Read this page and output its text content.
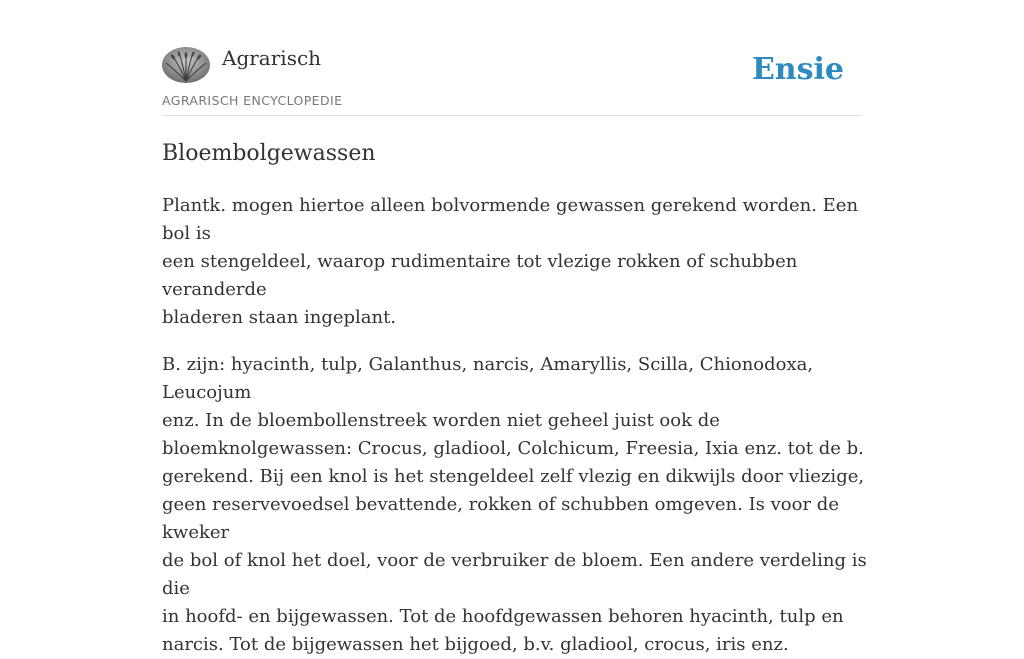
Agrarisch
AGRARISCH ENCYCLOPEDIE
Ensie
Bloembolgewassen

Plantk. mogen hiertoe alleen bolvormende gewassen gerekend worden. Een bol is
een stengeldeel, waarop rudimentaire tot vlezige rokken of schubben veranderde
bladeren staan ingeplant.

B. zijn: hyacinth, tulp, Galanthus, narcis, Amaryllis, Scilla, Chionodoxa, Leucojum
enz. In de bloembollenstreek worden niet geheel juist ook de
bloemknolgewassen: Crocus, gladiool, Colchicum, Freesia, Ixia enz. tot de b.
gerekend. Bij een knol is het stengeldeel zelf vlezig en dikwijls door vliezige,
geen reservevoedsel bevattende, rokken of schubben omgeven. Is voor de kweker
de bol of knol het doel, voor de verbruiker de bloem. Een andere verdeling is die
in hoofd- en bijgewassen. Tot de hoofdgewassen behoren hyacinth, tulp en
narcis. Tot de bijgewassen het bijgoed, b.v. gladiool, crocus, iris enz.
